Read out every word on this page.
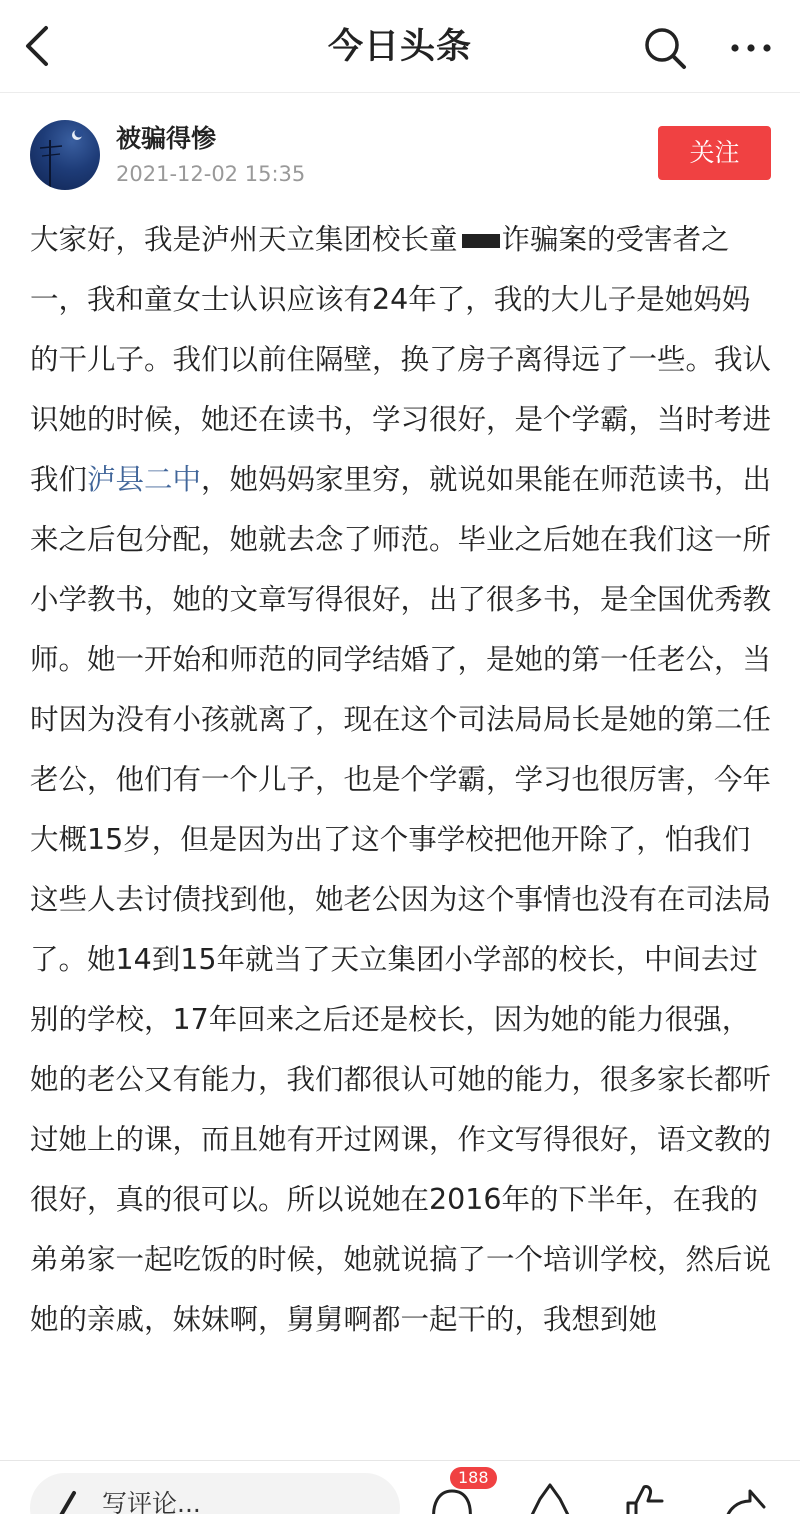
今日头条
被骗得惨
2021-12-02 15:35
关注

大家好，我是泸州天立集团校长童 诈骗案的受害者之一，我和童女士认识应该有24年了，我的大儿子是她妈妈的干儿子。我们以前住隔壁，换了房子离得远了一些。我认识她的时候，她还在读书，学习很好，是个学霸，当时考进我们泸县二中，她妈妈家里穷，就说如果能在师范读书，出来之后包分配，她就去念了师范。毕业之后她在我们这一所小学教书，她的文章写得很好，出了很多书，是全国优秀教师。她一开始和师范的同学结婚了，是她的第一任老公，当时因为没有小孩就离了，现在这个司法局局长是她的第二任老公，他们有一个儿子，也是个学霸，学习也很厉害，今年大概15岁，但是因为出了这个事学校把他开除了，怕我们这些人去讨债找到他，她老公因为这个事情也没有在司法局了。她14到15年就当了天立集团小学部的校长，中间去过别的学校，17年回来之后还是校长，因为她的能力很强，她的老公又有能力，我们都很认可她的能力，很多家长都听过她上的课，而且她有开过网课，作文写得很好，语文教的很好，真的很可以。所以说她在2016年的下半年，在我的弟弟家一起吃饭的时候，她就说搞了一个培训学校，然后说她的亲戚，妹妹啊，舅舅啊都一起干的，我想到她

写评论...
188
